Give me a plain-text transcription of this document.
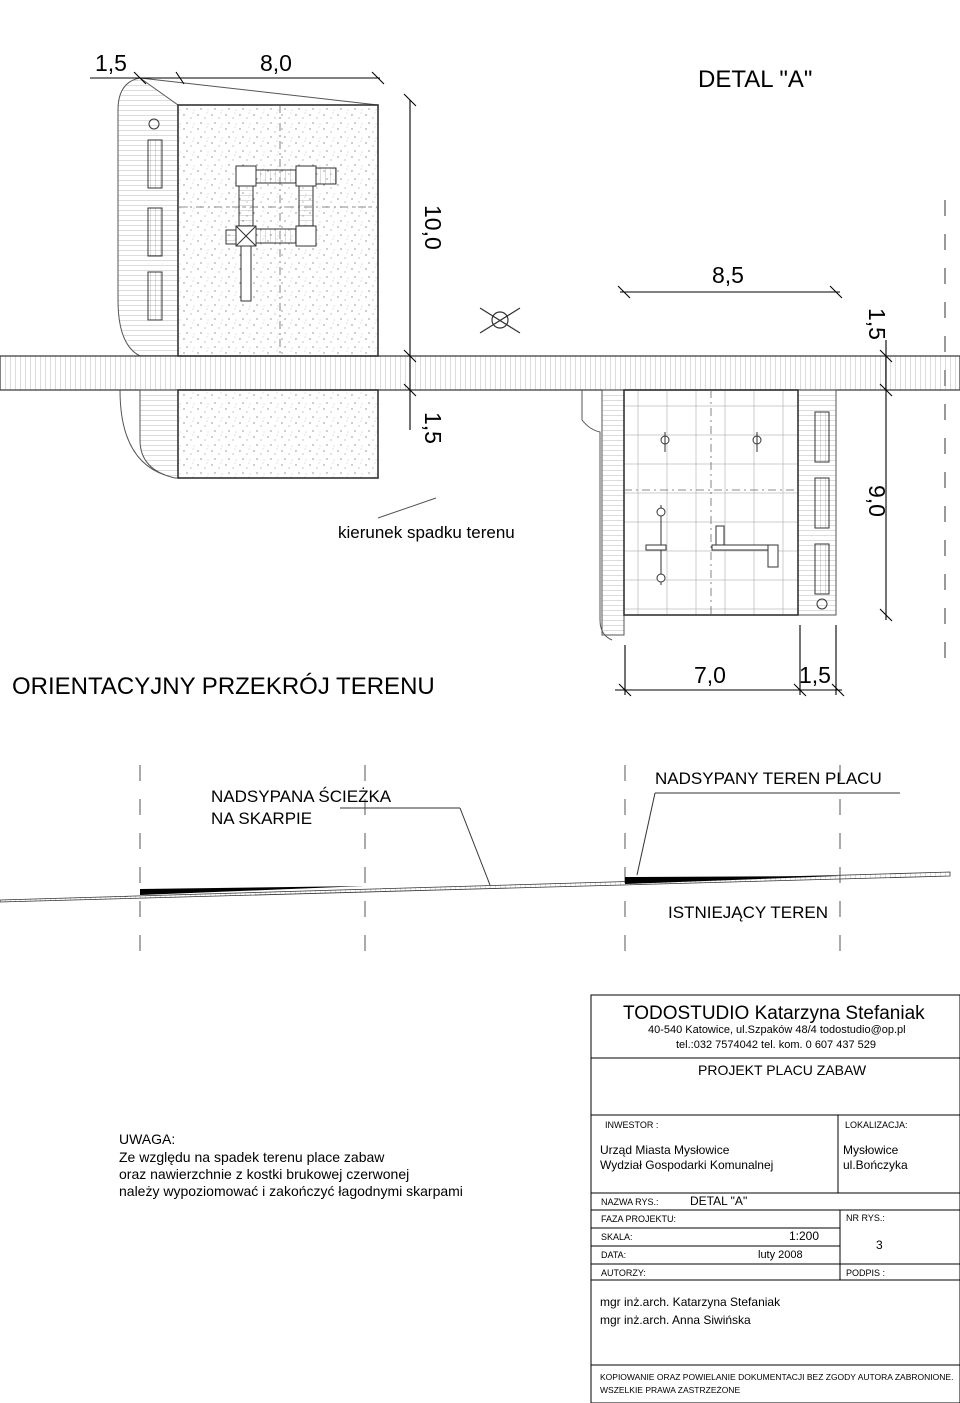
1,5	8,0
DETAL "A"
10,0
1,5
8,5
1,5
9,0
kierunek spadku terenu
ORIENTACYJNY PRZEKRÓJ TERENU	7,0	1,5
NADSYPANA ŚCIEŻKA
NA SKARPIE
NADSYPANY TEREN PLACU
ISTNIEJĄCY TEREN
UWAGA:
Ze względu na spadek terenu place zabaw
oraz nawierzchnie z kostki brukowej czerwonej
należy wypoziomować i zakończyć łagodnymi skarpami
TODOSTUDIO Katarzyna Stefaniak
40-540 Katowice, ul.Szpaków 48/4 todostudio@op.pl
tel.:032 7574042 tel. kom. 0 607 437 529
PROJEKT PLACU ZABAW
INWESTOR :
Urząd Miasta Mysłowice
Wydział Gospodarki Komunalnej
LOKALIZACJA:
Mysłowice
ul.Bończyka
NAZWA RYS.:	DETAL "A"
FAZA PROJEKTU:	NR RYS.:
3
SKALA:	1:200
DATA:	luty 2008
AUTORZY:	PODPIS :
mgr inż.arch. Katarzyna Stefaniak
mgr inż.arch. Anna Siwińska
KOPIOWANIE ORAZ POWIELANIE DOKUMENTACJI BEZ ZGODY AUTORA ZABRONIONE.
WSZELKIE PRAWA ZASTRZEŻONE
